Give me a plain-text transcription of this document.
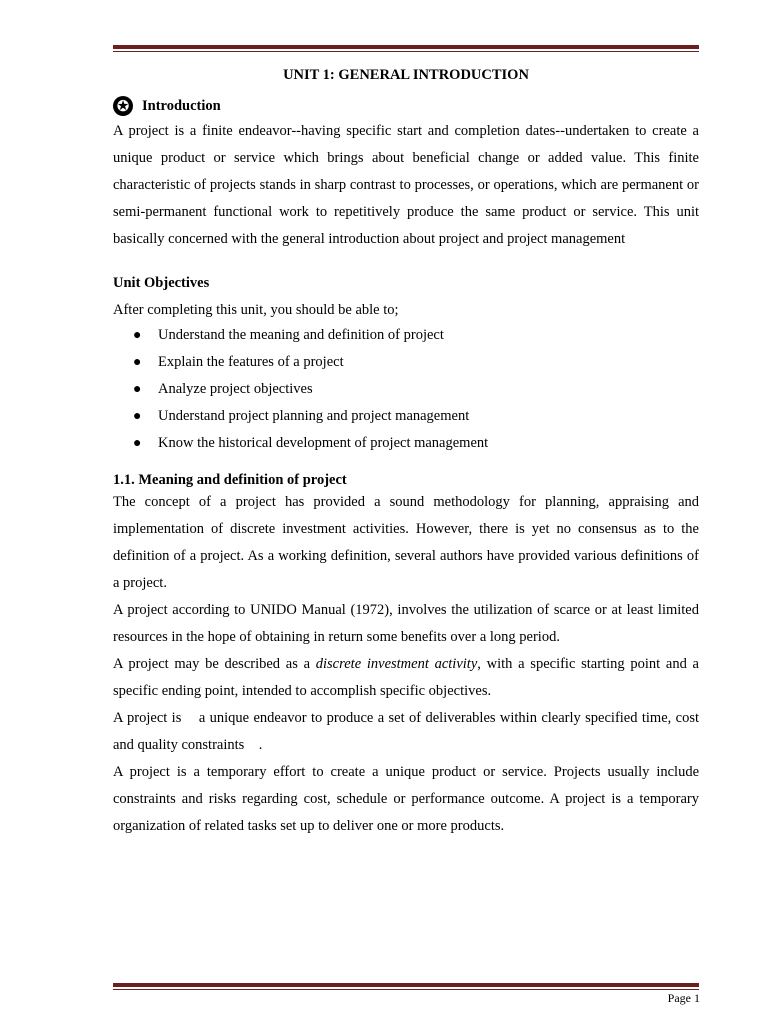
UNIT 1: GENERAL INTRODUCTION
✪ Introduction

A project is a finite endeavor--having specific start and completion dates--undertaken to create a unique product or service which brings about beneficial change or added value. This finite characteristic of projects stands in sharp contrast to processes, or operations, which are permanent or semi-permanent functional work to repetitively produce the same product or service. This unit basically concerned with the general introduction about project and project management

Unit Objectives
After completing this unit, you should be able to;
● Understand the meaning and definition of project
● Explain the features of a project
● Analyze project objectives
● Understand project planning and project management
● Know the historical development of project management
1.1. Meaning and definition of project

The concept of a project has provided a sound methodology for planning, appraising and implementation of discrete investment activities. However, there is yet no consensus as to the definition of a project. As a working definition, several authors have provided various definitions of a project.

A project according to UNIDO Manual (1972), involves the utilization of scarce or at least limited resources in the hope of obtaining in return some benefits over a long period.

A project may be described as a discrete investment activity, with a specific starting point and a specific ending point, intended to accomplish specific objectives.

A project is    a unique endeavor to produce a set of deliverables within clearly specified time, cost and quality constraints    .

A project is a temporary effort to create a unique product or service. Projects usually include constraints and risks regarding cost, schedule or performance outcome. A project is a temporary organization of related tasks set up to deliver one or more products.

Page 1
